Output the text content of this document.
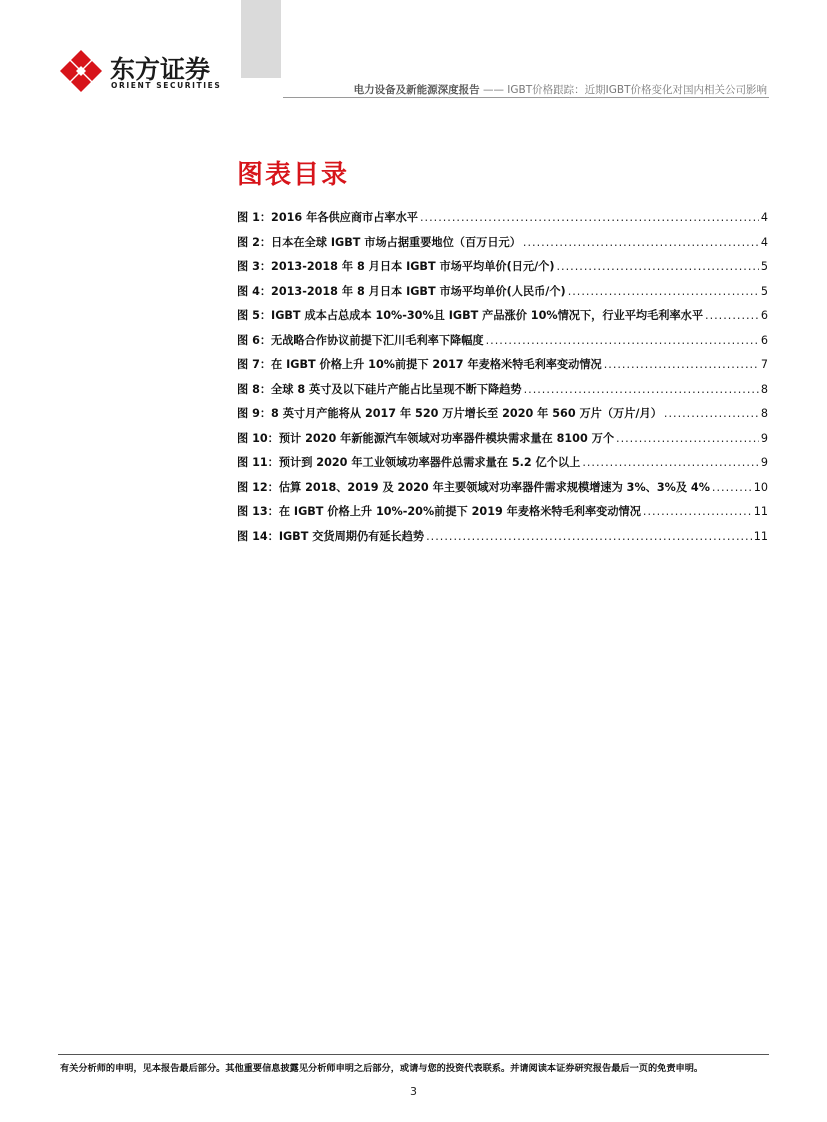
东方证券
ORIENT SECURITIES	电力设备及新能源深度报告 —— IGBT价格跟踪：近期IGBT价格变化对国内相关公司影响
图表目录
图 1：2016 年各供应商市占率水平 .....	4
图 2：日本在全球 IGBT 市场占据重要地位（百万日元） .....	4
图 3：2013-2018 年 8 月日本 IGBT 市场平均单价(日元/个) .....	5
图 4：2013-2018 年 8 月日本 IGBT 市场平均单价(人民币/个) .....	5
图 5：IGBT 成本占总成本 10%-30%且 IGBT 产品涨价 10%情况下，行业平均毛利率水平 .....	6
图 6：无战略合作协议前提下汇川毛利率下降幅度 .....	6
图 7：在 IGBT 价格上升 10%前提下 2017 年麦格米特毛利率变动情况 .....	7
图 8：全球 8 英寸及以下硅片产能占比呈现不断下降趋势 .....	8
图 9：8 英寸月产能将从 2017 年 520 万片增长至 2020 年 560 万片（万片/月） .....	8
图 10：预计 2020 年新能源汽车领域对功率器件模块需求量在 8100 万个 .....	9
图 11：预计到 2020 年工业领域功率器件总需求量在 5.2 亿个以上 .....	9
图 12：估算 2018、2019 及 2020 年主要领域对功率器件需求规模增速为 3%、3%及 4% .....	10
图 13：在 IGBT 价格上升 10%-20%前提下 2019 年麦格米特毛利率变动情况 .....	11
图 14：IGBT 交货周期仍有延长趋势 .....	11
有关分析师的申明，见本报告最后部分。其他重要信息披露见分析师申明之后部分，或请与您的投资代表联系。并请阅读本证券研究报告最后一页的免责申明。
3
